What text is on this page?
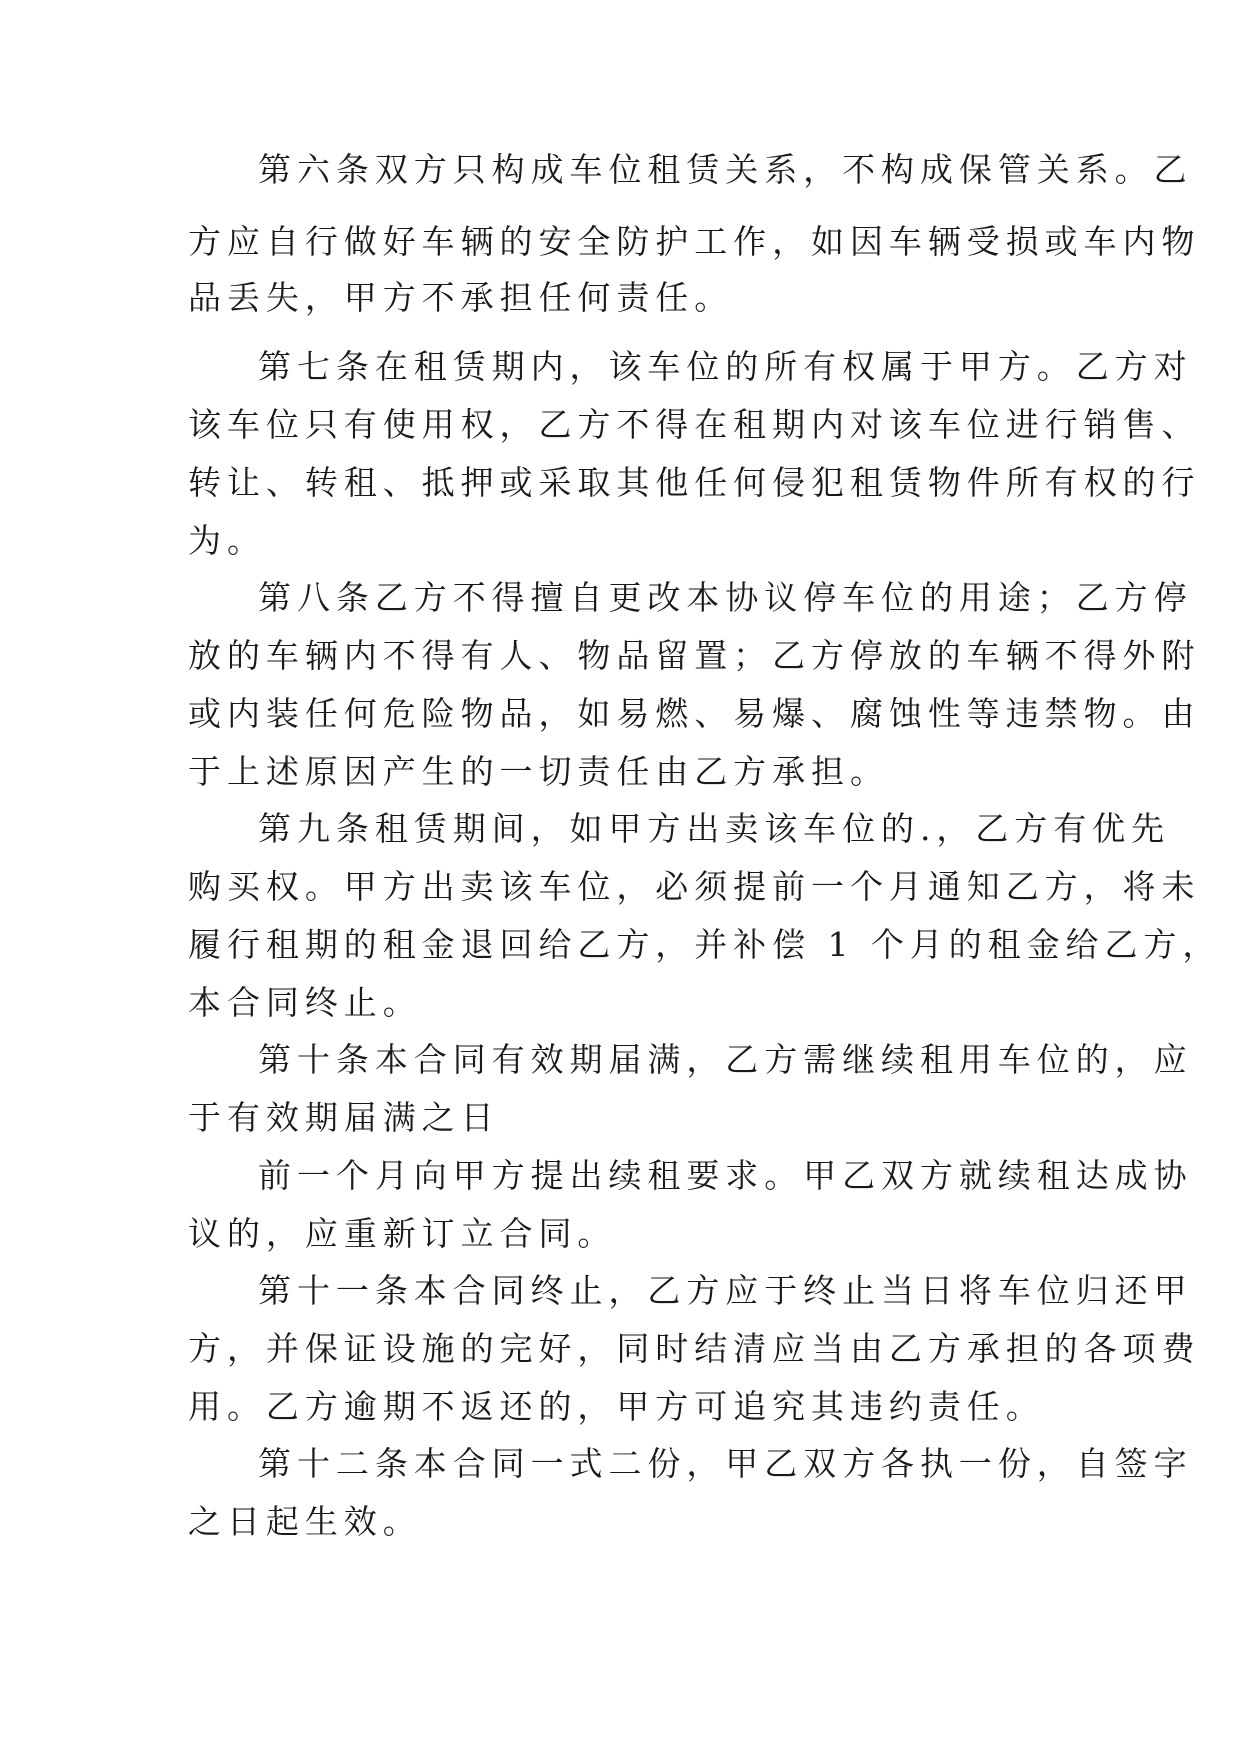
第六条双方只构成车位租赁关系，不构成保管关系。乙
方应自行做好车辆的安全防护工作，如因车辆受损或车内物
品丢失，甲方不承担任何责任。
第七条在租赁期内，该车位的所有权属于甲方。乙方对
该车位只有使用权，乙方不得在租期内对该车位进行销售、
转让、转租、抵押或采取其他任何侵犯租赁物件所有权的行
为。
第八条乙方不得擅自更改本协议停车位的用途；乙方停
放的车辆内不得有人、物品留置；乙方停放的车辆不得外附
或内装任何危险物品，如易燃、易爆、腐蚀性等违禁物。由
于上述原因产生的一切责任由乙方承担。
第九条租赁期间，如甲方出卖该车位的.，乙方有优先
购买权。甲方出卖该车位，必须提前一个月通知乙方，将未
履行租期的租金退回给乙方，并补偿 1 个月的租金给乙方，
本合同终止。
第十条本合同有效期届满，乙方需继续租用车位的，应
于有效期届满之日
前一个月向甲方提出续租要求。甲乙双方就续租达成协
议的，应重新订立合同。
第十一条本合同终止，乙方应于终止当日将车位归还甲
方，并保证设施的完好，同时结清应当由乙方承担的各项费
用。乙方逾期不返还的，甲方可追究其违约责任。
第十二条本合同一式二份，甲乙双方各执一份，自签字
之日起生效。
